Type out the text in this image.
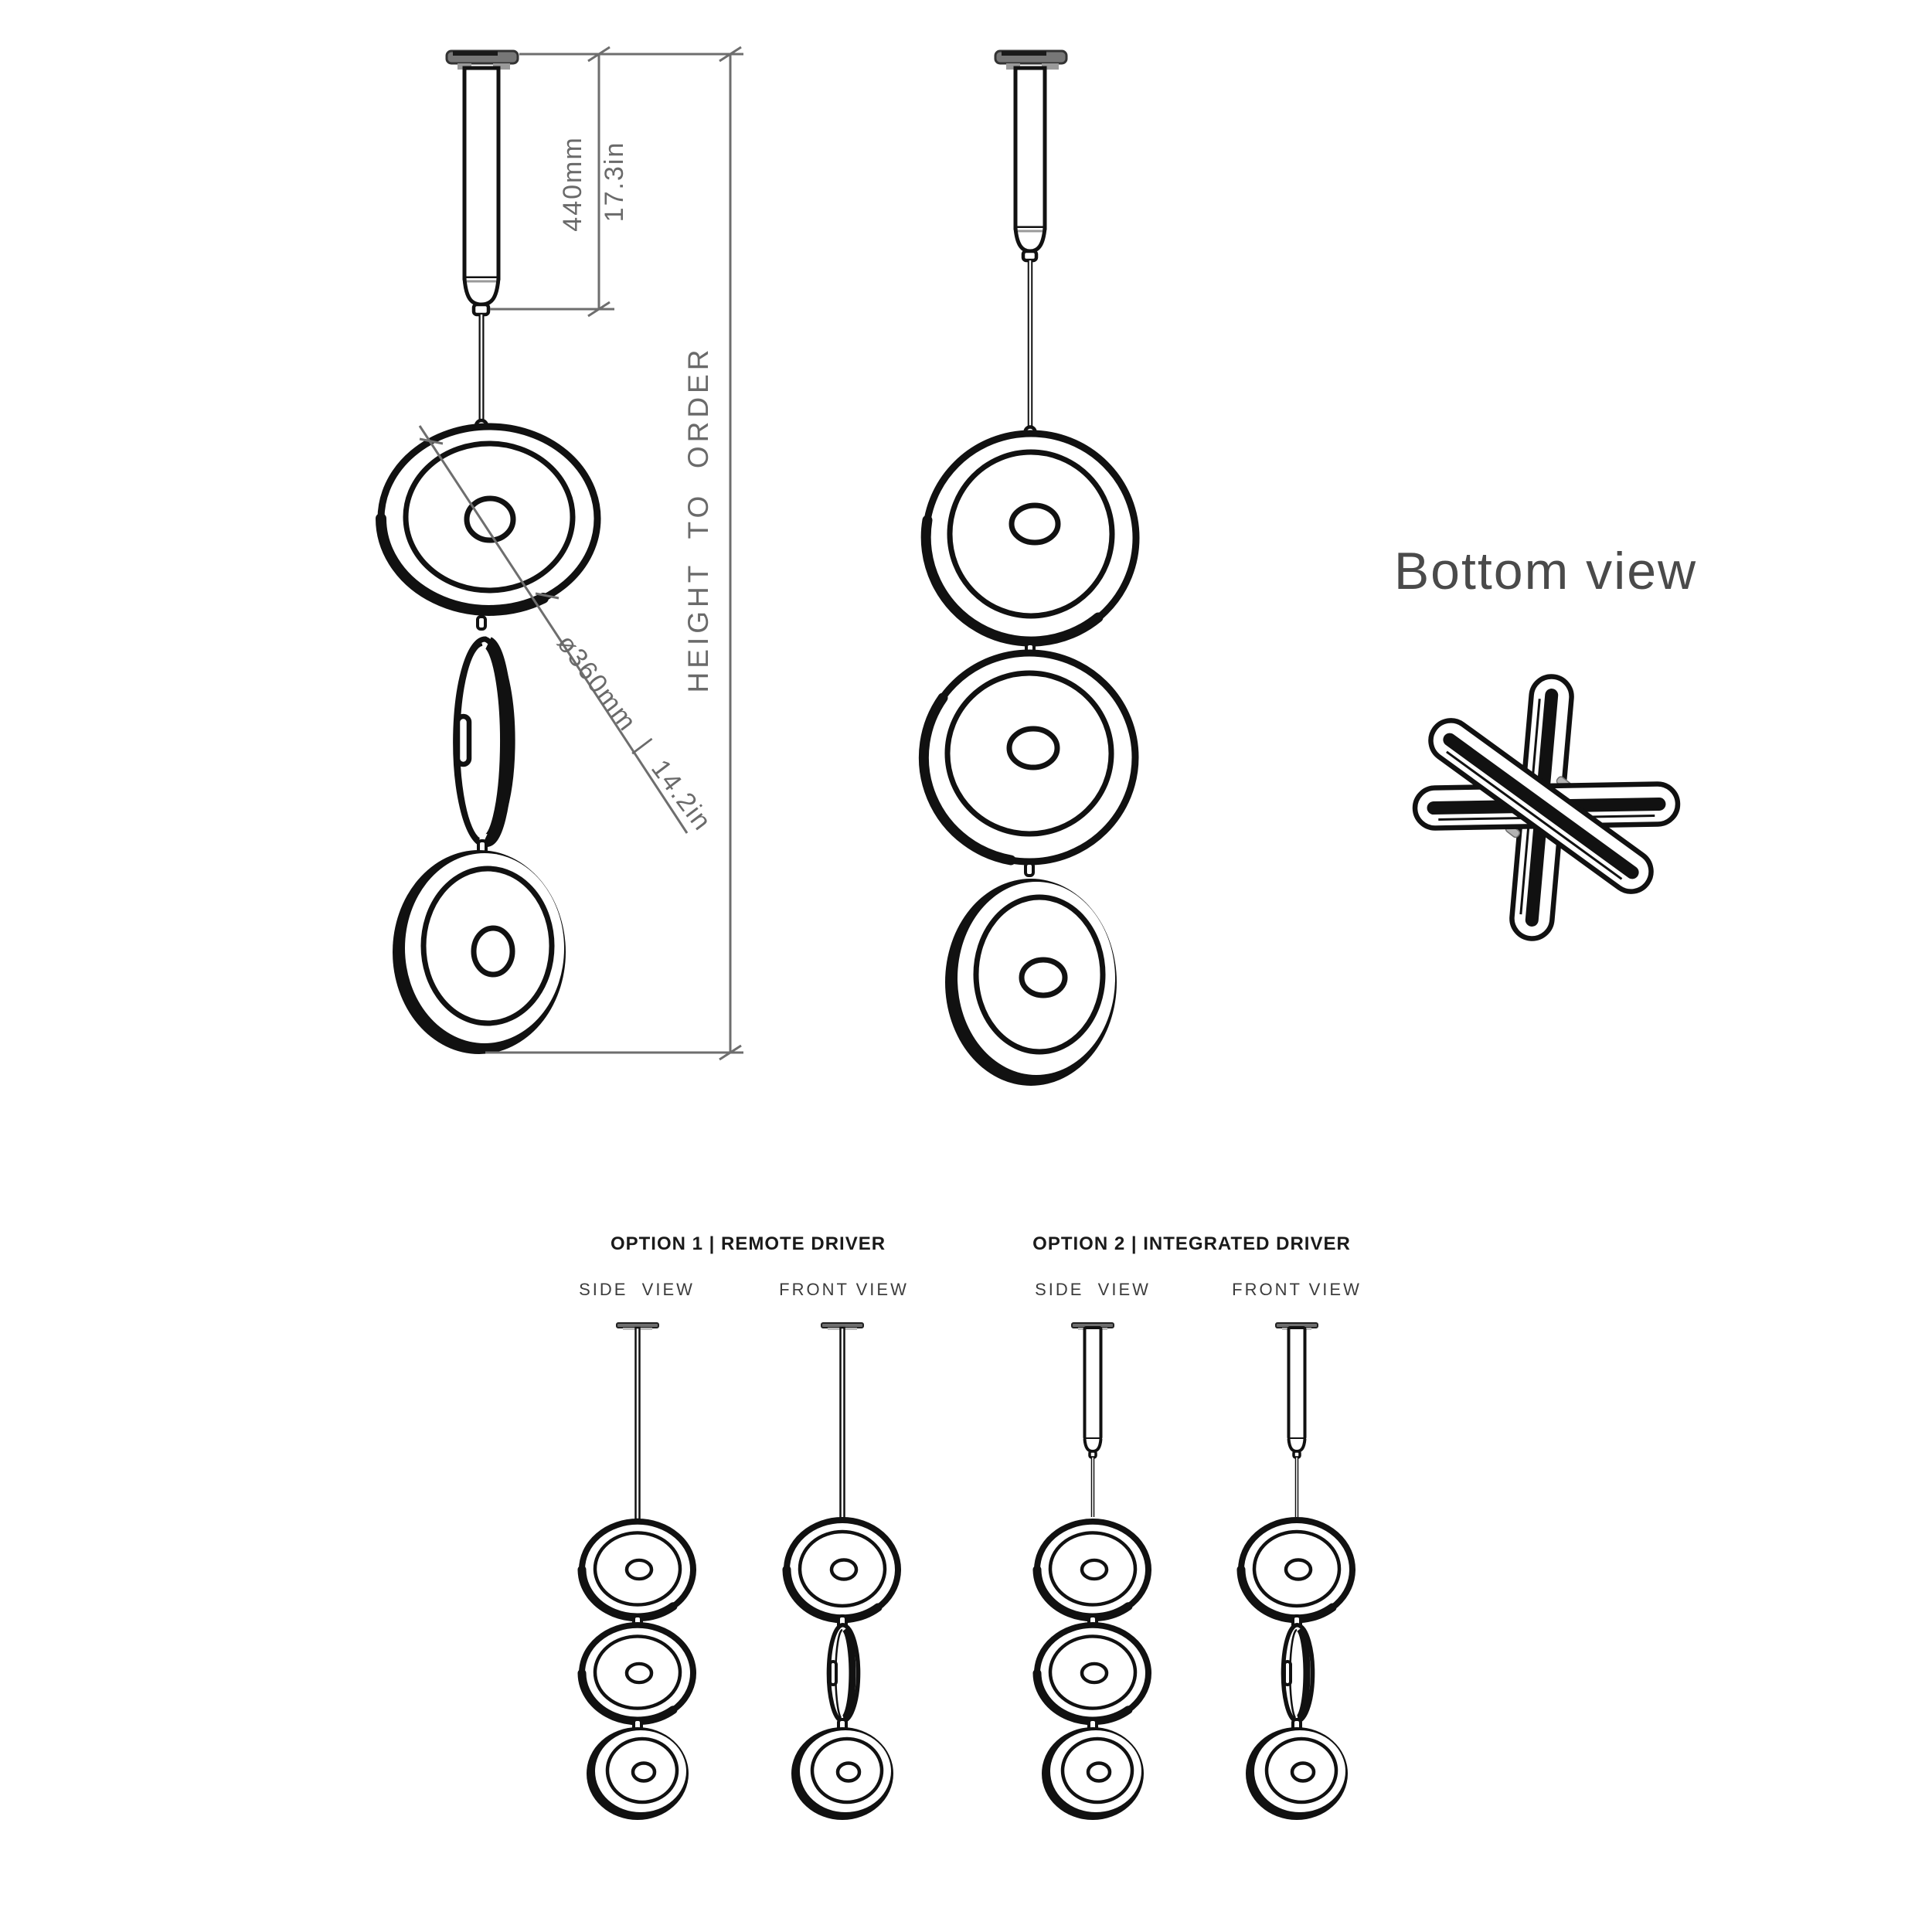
440mm 17.3in
HEIGHT  TO  ORDER
ø360mm  |  14.2in
Bottom view
OPTION 1 | REMOTE DRIVER	OPTION 2 | INTEGRATED DRIVER
SIDE  VIEW	FRONT VIEW	SIDE  VIEW	FRONT VIEW
